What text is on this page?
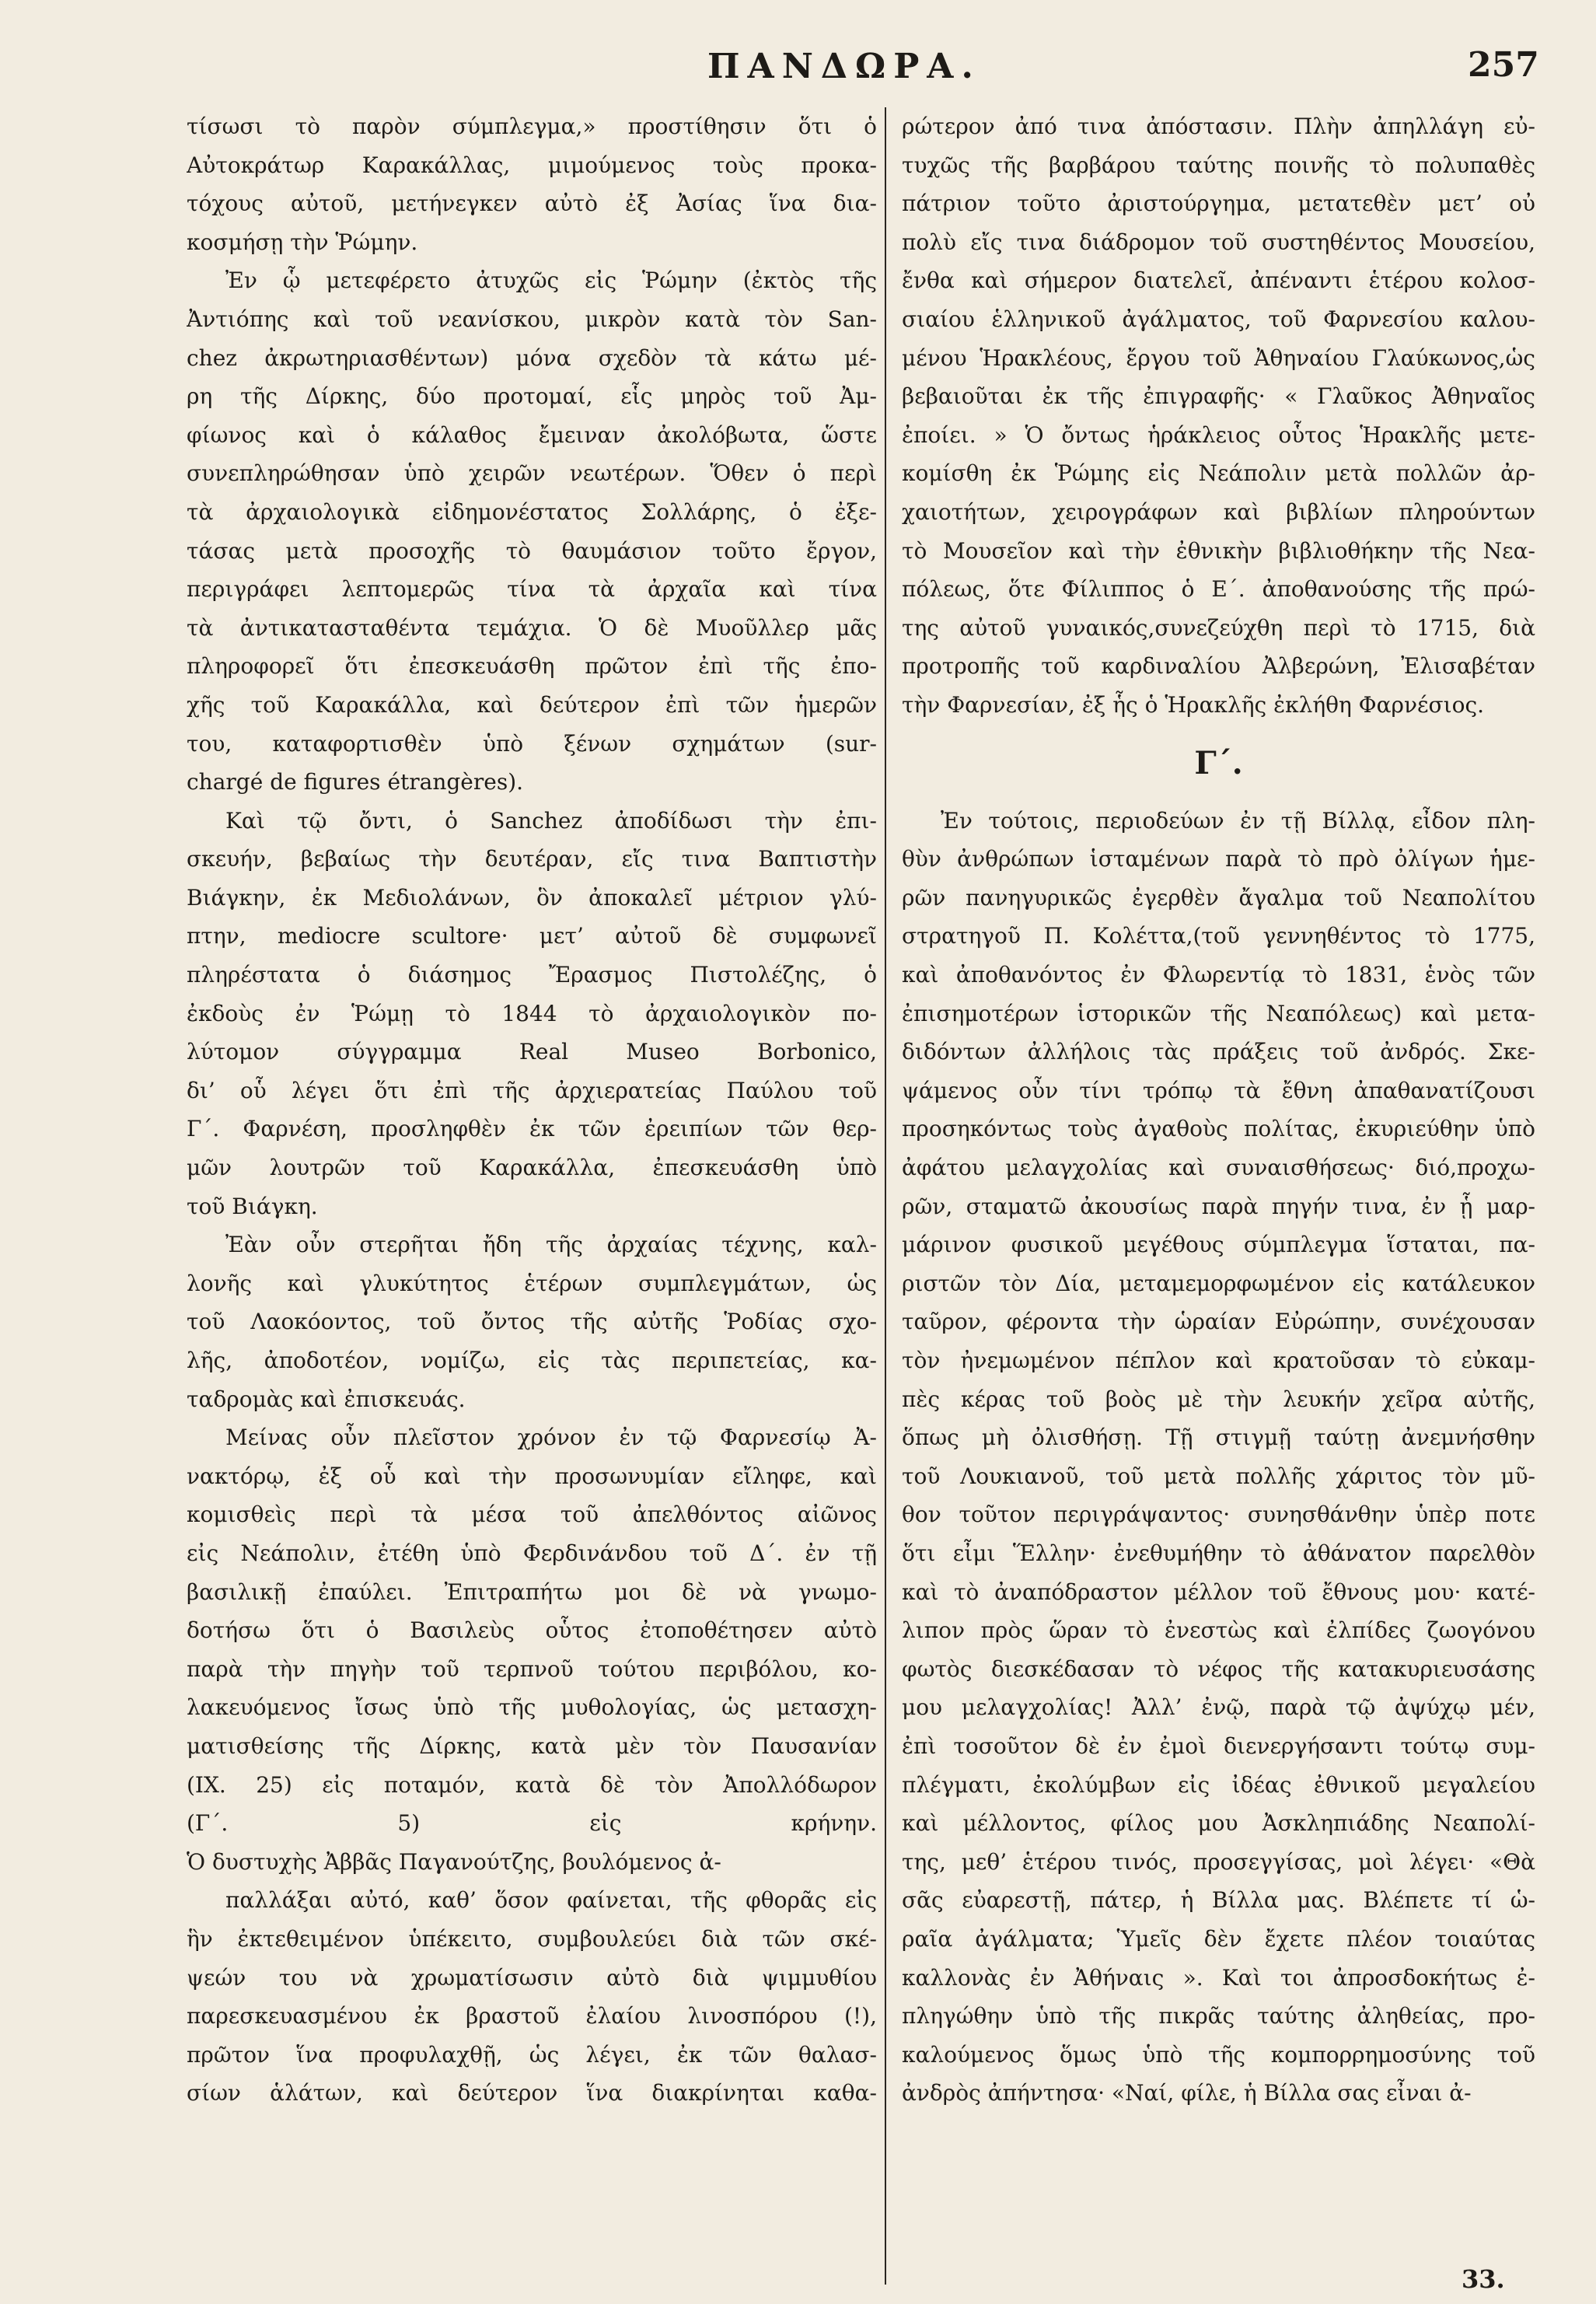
ΠΑΝΔΩΡΑ.	257
τίσωσι τὸ παρὸν σύμπλεγμα,» προστίθησιν ὅτι ὁ
Αὐτοκράτωρ Καρακάλλας, μιμούμενος τοὺς προκα-
τόχους αὐτοῦ, μετήνεγκεν αὐτὸ ἐξ Ἀσίας ἵνα δια-
κοσμήσῃ τὴν Ῥώμην.
Ἐν ᾧ μετεφέρετο ἀτυχῶς εἰς Ῥώμην (ἐκτὸς τῆς
Ἀντιόπης καὶ τοῦ νεανίσκου, μικρὸν κατὰ τὸν San-
chez ἀκρωτηριασθέντων) μόνα σχεδὸν τὰ κάτω μέ-
ρη τῆς Δίρκης, δύο προτομαί, εἷς μηρὸς τοῦ Ἀμ-
φίωνος καὶ ὁ κάλαθος ἔμειναν ἀκολόβωτα, ὥστε
συνεπληρώθησαν ὑπὸ χειρῶν νεωτέρων. Ὅθεν ὁ περὶ
τὰ ἀρχαιολογικὰ εἰδημονέστατος Σολλάρης, ὁ ἐξε-
τάσας μετὰ προσοχῆς τὸ θαυμάσιον τοῦτο ἔργον,
περιγράφει λεπτομερῶς τίνα τὰ ἀρχαῖα καὶ τίνα
τὰ ἀντικατασταθέντα τεμάχια. Ὁ δὲ Μυοῦλλερ μᾶς
πληροφορεῖ ὅτι ἐπεσκευάσθη πρῶτον ἐπὶ τῆς ἐπο-
χῆς τοῦ Καρακάλλα, καὶ δεύτερον ἐπὶ τῶν ἡμερῶν
του, καταφορτισθὲν ὑπὸ ξένων σχημάτων (sur-
chargé de figures étrangères).
Καὶ τῷ ὄντι, ὁ Sanchez ἀποδίδωσι τὴν ἐπι-
σκευήν, βεβαίως τὴν δευτέραν, εἴς τινα Βαπτιστὴν
Βιάγκην, ἐκ Μεδιολάνων, ὃν ἀποκαλεῖ μέτριον γλύ-
πτην, mediocre scultore· μετ’ αὐτοῦ δὲ συμφωνεῖ
πληρέστατα ὁ διάσημος Ἔρασμος Πιστολέζης, ὁ
ἐκδοὺς ἐν Ῥώμῃ τὸ 1844 τὸ ἀρχαιολογικὸν πο-
λύτομον σύγγραμμα Real Museo Borbonico,
δι’ οὗ λέγει ὅτι ἐπὶ τῆς ἀρχιερατείας Παύλου τοῦ
Γ΄. Φαρνέση, προσληφθὲν ἐκ τῶν ἐρειπίων τῶν θερ-
μῶν λουτρῶν τοῦ Καρακάλλα, ἐπεσκευάσθη ὑπὸ
τοῦ Βιάγκη.
Ἐὰν οὖν στερῆται ἤδη τῆς ἀρχαίας τέχνης, καλ-
λονῆς καὶ γλυκύτητος ἑτέρων συμπλεγμάτων, ὡς
τοῦ Λαοκόοντος, τοῦ ὄντος τῆς αὐτῆς Ῥοδίας σχο-
λῆς, ἀποδοτέον, νομίζω, εἰς τὰς περιπετείας, κα-
ταδρομὰς καὶ ἐπισκευάς.
Μείνας οὖν πλεῖστον χρόνον ἐν τῷ Φαρνεσίῳ Ἀ-
νακτόρῳ, ἐξ οὗ καὶ τὴν προσωνυμίαν εἴληφε, καὶ
κομισθεὶς περὶ τὰ μέσα τοῦ ἀπελθόντος αἰῶνος
εἰς Νεάπολιν, ἐτέθη ὑπὸ Φερδινάνδου τοῦ Δ΄. ἐν τῇ
βασιλικῇ ἐπαύλει. Ἐπιτραπήτω μοι δὲ νὰ γνωμο-
δοτήσω ὅτι ὁ Βασιλεὺς οὗτος ἐτοποθέτησεν αὐτὸ
παρὰ τὴν πηγὴν τοῦ τερπνοῦ τούτου περιβόλου, κο-
λακευόμενος ἴσως ὑπὸ τῆς μυθολογίας, ὡς μετασχη-
ματισθείσης τῆς Δίρκης, κατὰ μὲν τὸν Παυσανίαν
(IX. 25) εἰς ποταμόν, κατὰ δὲ τὸν Ἀπολλόδωρον
(Γ΄. 5) εἰς κρήνην.
Ὁ δυστυχὴς Ἀββᾶς Παγανούτζης, βουλόμενος ἀ-
παλλάξαι αὐτό, καθ’ ὅσον φαίνεται, τῆς φθορᾶς εἰς
ἣν ἐκτεθειμένον ὑπέκειτο, συμβουλεύει διὰ τῶν σκέ-
ψεών του νὰ χρωματίσωσιν αὐτὸ διὰ ψιμμυθίου
παρεσκευασμένου ἐκ βραστοῦ ἐλαίου λινοσπόρου (!),
πρῶτον ἵνα προφυλαχθῇ, ὡς λέγει, ἐκ τῶν θαλασ-
σίων ἁλάτων, καὶ δεύτερον ἵνα διακρίνηται καθα-
ρώτερον ἀπό τινα ἀπόστασιν. Πλὴν ἀπηλλάγη εὐ-
τυχῶς τῆς βαρβάρου ταύτης ποινῆς τὸ πολυπαθὲς
πάτριον τοῦτο ἀριστούργημα, μετατεθὲν μετ’ οὐ
πολὺ εἴς τινα διάδρομον τοῦ συστηθέντος Μουσείου,
ἔνθα καὶ σήμερον διατελεῖ, ἀπέναντι ἑτέρου κολοσ-
σιαίου ἑλληνικοῦ ἀγάλματος, τοῦ Φαρνεσίου καλου-
μένου Ἡρακλέους, ἔργου τοῦ Ἀθηναίου Γλαύκωνος,ὡς
βεβαιοῦται ἐκ τῆς ἐπιγραφῆς· « Γλαῦκος Ἀθηναῖος
ἐποίει. » Ὁ ὄντως ἡράκλειος οὗτος Ἡρακλῆς μετε-
κομίσθη ἐκ Ῥώμης εἰς Νεάπολιν μετὰ πολλῶν ἀρ-
χαιοτήτων, χειρογράφων καὶ βιβλίων πληρούντων
τὸ Μουσεῖον καὶ τὴν ἐθνικὴν βιβλιοθήκην τῆς Νεα-
πόλεως, ὅτε Φίλιππος ὁ Ε΄. ἀποθανούσης τῆς πρώ-
της αὐτοῦ γυναικός,συνεζεύχθη περὶ τὸ 1715, διὰ
προτροπῆς τοῦ καρδιναλίου Ἀλβερώνη, Ἐλισαβέταν
τὴν Φαρνεσίαν, ἐξ ἧς ὁ Ἡρακλῆς ἐκλήθη Φαρνέσιος.
Γ΄.
Ἐν τούτοις, περιοδεύων ἐν τῇ Βίλλᾳ, εἶδον πλη-
θὺν ἀνθρώπων ἱσταμένων παρὰ τὸ πρὸ ὀλίγων ἡμε-
ρῶν πανηγυρικῶς ἐγερθὲν ἄγαλμα τοῦ Νεαπολίτου
στρατηγοῦ Π. Κολέττα,(τοῦ γεννηθέντος τὸ 1775,
καὶ ἀποθανόντος ἐν Φλωρεντίᾳ τὸ 1831, ἑνὸς τῶν
ἐπισημοτέρων ἱστορικῶν τῆς Νεαπόλεως) καὶ μετα-
διδόντων ἀλλήλοις τὰς πράξεις τοῦ ἀνδρός. Σκε-
ψάμενος οὖν τίνι τρόπῳ τὰ ἔθνη ἀπαθανατίζουσι
προσηκόντως τοὺς ἀγαθοὺς πολίτας, ἐκυριεύθην ὑπὸ
ἀφάτου μελαγχολίας καὶ συναισθήσεως· διό,προχω-
ρῶν, σταματῶ ἀκουσίως παρὰ πηγήν τινα, ἐν ᾗ μαρ-
μάρινον φυσικοῦ μεγέθους σύμπλεγμα ἵσταται, πα-
ριστῶν τὸν Δία, μεταμεμορφωμένον εἰς κατάλευκον
ταῦρον, φέροντα τὴν ὡραίαν Εὐρώπην, συνέχουσαν
τὸν ἠνεμωμένον πέπλον καὶ κρατοῦσαν τὸ εὐκαμ-
πὲς κέρας τοῦ βοὸς μὲ τὴν λευκήν χεῖρα αὐτῆς,
ὅπως μὴ ὀλισθήσῃ. Τῇ στιγμῇ ταύτῃ ἀνεμνήσθην
τοῦ Λουκιανοῦ, τοῦ μετὰ πολλῆς χάριτος τὸν μῦ-
θον τοῦτον περιγράψαντος· συνησθάνθην ὑπὲρ ποτε
ὅτι εἶμι Ἕλλην· ἐνεθυμήθην τὸ ἀθάνατον παρελθὸν
καὶ τὸ ἀναπόδραστον μέλλον τοῦ ἔθνους μου· κατέ-
λιπον πρὸς ὥραν τὸ ἐνεστὼς καὶ ἐλπίδες ζωογόνου
φωτὸς διεσκέδασαν τὸ νέφος τῆς κατακυριευσάσης
μου μελαγχολίας! Ἀλλ’ ἐνῷ, παρὰ τῷ ἀψύχῳ μέν,
ἐπὶ τοσοῦτον δὲ ἐν ἐμοὶ διενεργήσαντι τούτῳ συμ-
πλέγματι, ἐκολύμβων εἰς ἰδέας ἐθνικοῦ μεγαλείου
καὶ μέλλοντος, φίλος μου Ἀσκληπιάδης Νεαπολί-
της, μεθ’ ἑτέρου τινός, προσεγγίσας, μοὶ λέγει· «Θὰ
σᾶς εὐαρεστῇ, πάτερ, ἡ Βίλλα μας. Βλέπετε τί ὡ-
ραῖα ἀγάλματα; Ὑμεῖς δὲν ἔχετε πλέον τοιαύτας
καλλονὰς ἐν Ἀθήναις ». Καὶ τοι ἀπροσδοκήτως ἐ-
πληγώθην ὑπὸ τῆς πικρᾶς ταύτης ἀληθείας, προ-
καλούμενος ὅμως ὑπὸ τῆς κομπορρημοσύνης τοῦ
ἀνδρὸς ἀπήντησα· «Ναί, φίλε, ἡ Βίλλα σας εἶναι ἀ-
33.
